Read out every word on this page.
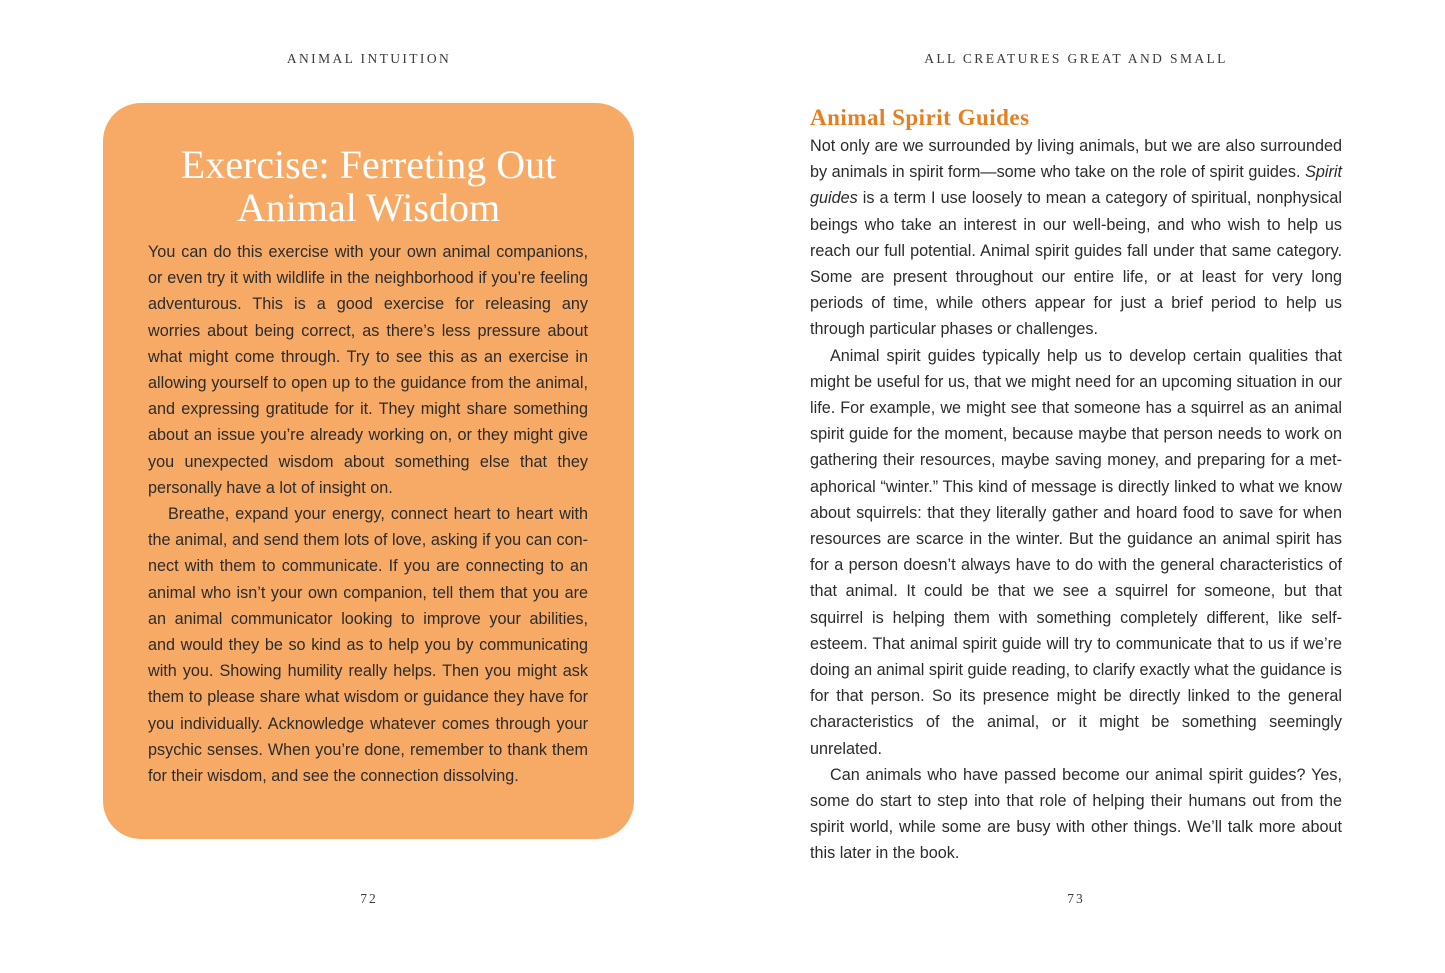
ANIMAL INTUITION
Exercise: Ferreting Out
Animal Wisdom

You can do this exercise with your own animal companions, or even try it with wildlife in the neighborhood if you’re feeling adventurous. This is a good exercise for releasing any worries about being correct, as there’s less pressure about what might come through. Try to see this as an exercise in allowing yourself to open up to the guidance from the animal, and expressing gratitude for it. They might share something about an issue you’re already working on, or they might give you unexpected wisdom about something else that they personally have a lot of insight on.

Breathe, expand your energy, connect heart to heart with the animal, and send them lots of love, asking if you can connect with them to communicate. If you are connecting to an animal who isn’t your own companion, tell them that you are an animal communicator looking to improve your abilities, and would they be so kind as to help you by communicating with you. Showing humility really helps. Then you might ask them to please share what wisdom or guidance they have for you individually. Acknowledge whatever comes through your psychic senses. When you’re done, remember to thank them for their wisdom, and see the connection dissolving.

72
ALL CREATURES GREAT AND SMALL
Animal Spirit Guides

Not only are we surrounded by living animals, but we are also surrounded by animals in spirit form—some who take on the role of spirit guides. Spirit guides is a term I use loosely to mean a category of spiritual, nonphysical beings who take an interest in our well-being, and who wish to help us reach our full potential. Animal spirit guides fall under that same category. Some are present throughout our entire life, or at least for very long periods of time, while others appear for just a brief period to help us through particular phases or challenges.

Animal spirit guides typically help us to develop certain qualities that might be useful for us, that we might need for an upcoming situation in our life. For example, we might see that someone has a squirrel as an animal spirit guide for the moment, because maybe that person needs to work on gathering their resources, maybe saving money, and preparing for a metaphorical “winter.” This kind of message is directly linked to what we know about squirrels: that they literally gather and hoard food to save for when resources are scarce in the winter. But the guidance an animal spirit has for a person doesn’t always have to do with the general characteristics of that animal. It could be that we see a squirrel for someone, but that squirrel is helping them with something completely different, like self-esteem. That animal spirit guide will try to communicate that to us if we’re doing an animal spirit guide reading, to clarify exactly what the guidance is for that person. So its presence might be directly linked to the general characteristics of the animal, or it might be something seemingly unrelated.

Can animals who have passed become our animal spirit guides? Yes, some do start to step into that role of helping their humans out from the spirit world, while some are busy with other things. We’ll talk more about this later in the book.

73
